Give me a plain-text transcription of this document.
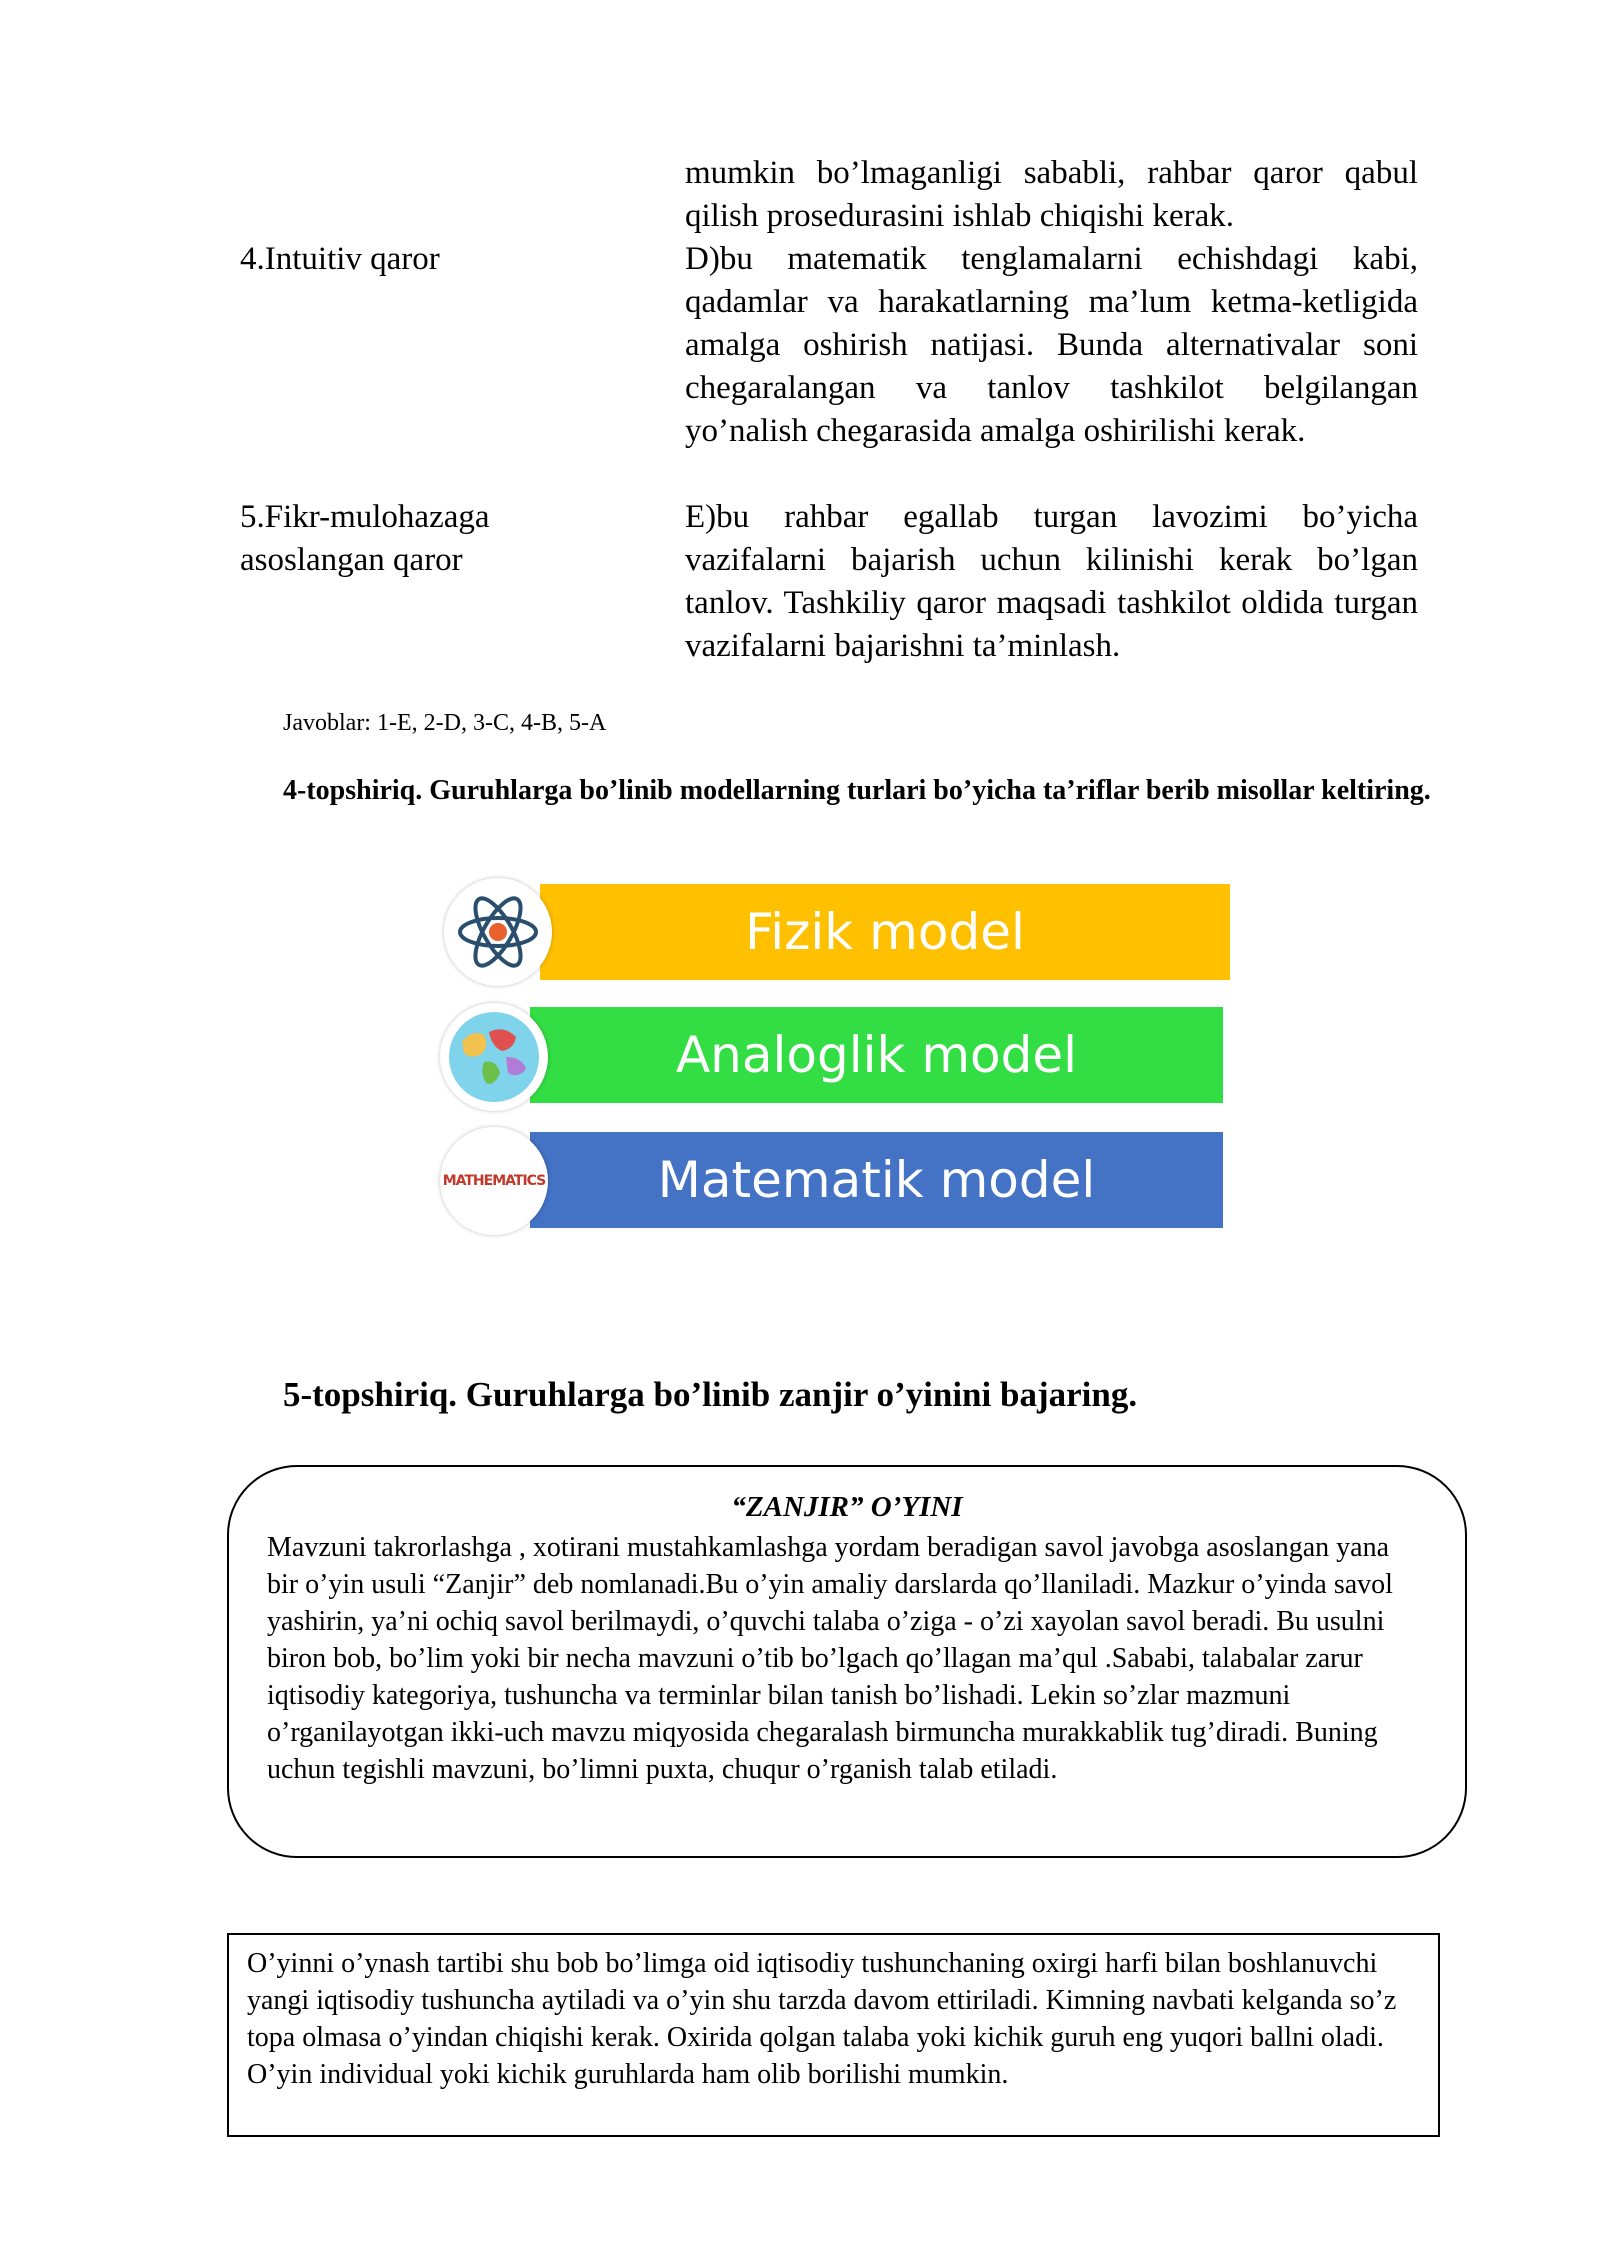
mumkin bo’lmaganligi sababli, rahbar qaror qabul qilish prosedurasini ishlab chiqishi kerak.
4.Intuitiv qaror	D)bu matematik tenglamalarni echishdagi kabi, qadamlar va harakatlarning ma’lum ketma-ketligida amalga oshirish natijasi. Bunda alternativalar soni chegaralangan va tanlov tashkilot belgilangan yo’nalish chegarasida amalga oshirilishi kerak.
5.Fikr-mulohazaga
asoslangan qaror
E)bu rahbar egallab turgan lavozimi bo’yicha vazifalarni bajarish uchun kilinishi kerak bo’lgan tanlov. Tashkiliy qaror maqsadi tashkilot oldida turgan vazifalarni bajarishni ta’minlash.
Javoblar: 1-E, 2-D, 3-C, 4-B, 5-A
4-topshiriq. Guruhlarga bo’linib modellarning turlari bo’yicha ta’riflar berib misollar keltiring.
Fizik model
Analoglik model
Matematik model
MATHEMATICS
5-topshiriq. Guruhlarga bo’linib zanjir o’yinini bajaring.
“ZANJIR” O’YINI
Mavzuni takrorlashga , xotirani mustahkamlashga yordam beradigan savol javobga asoslangan yana bir o’yin usuli “Zanjir” deb nomlanadi.Bu o’yin amaliy darslarda qo’llaniladi. Mazkur o’yinda savol yashirin, ya’ni ochiq savol berilmaydi, o’quvchi talaba o’ziga - o’zi xayolan savol beradi. Bu usulni biron bob, bo’lim yoki bir necha mavzuni o’tib bo’lgach qo’llagan ma’qul .Sababi, talabalar zarur iqtisodiy kategoriya, tushuncha va terminlar bilan tanish bo’lishadi. Lekin so’zlar mazmuni o’rganilayotgan ikki-uch mavzu miqyosida chegaralash birmuncha murakkablik tug’diradi. Buning uchun tegishli mavzuni, bo’limni puxta, chuqur o’rganish talab etiladi.
O’yinni o’ynash tartibi shu bob bo’limga oid iqtisodiy tushunchaning oxirgi harfi bilan boshlanuvchi yangi iqtisodiy tushuncha aytiladi va o’yin shu tarzda davom ettiriladi. Kimning navbati kelganda so’z topa olmasa o’yindan chiqishi kerak. Oxirida qolgan talaba yoki kichik guruh eng yuqori ballni oladi.
O’yin individual yoki kichik guruhlarda ham olib borilishi mumkin.
